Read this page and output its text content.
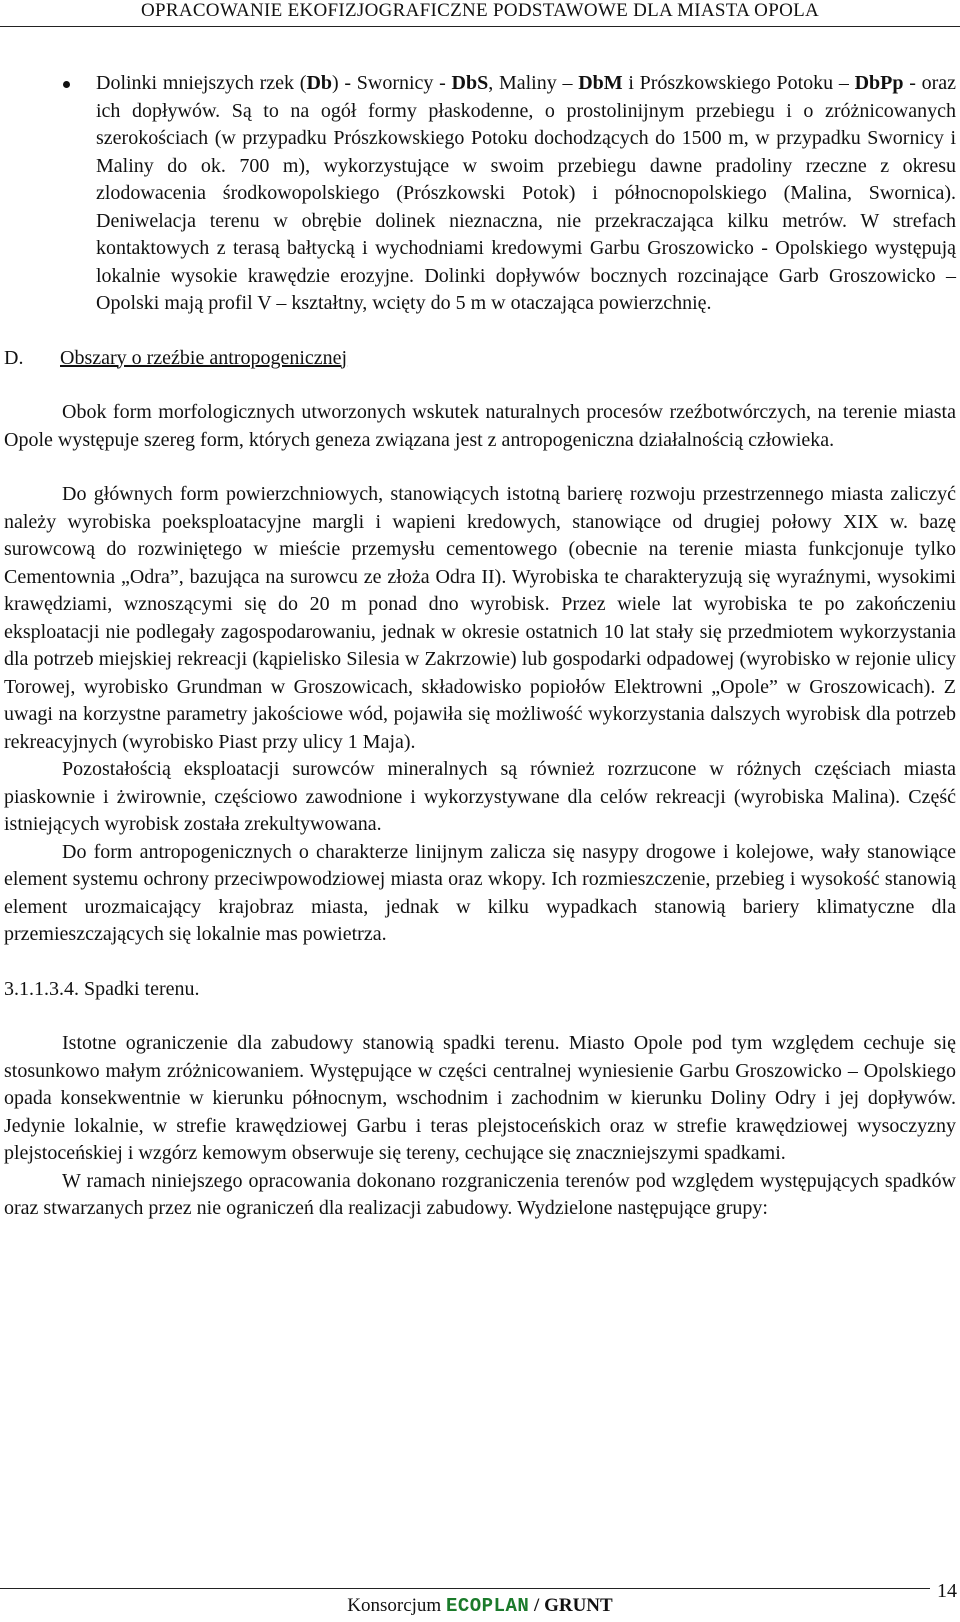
OPRACOWANIE EKOFIZJOGRAFICZNE PODSTAWOWE DLA MIASTA OPOLA

Dolinki mniejszych rzek (Db) - Swornicy - DbS, Maliny – DbM i Prószkowskiego Potoku – DbPp - oraz ich dopływów. Są to na ogół formy płaskodenne, o prostolinijnym przebiegu i o zróżnicowanych szerokościach (w przypadku Prószkowskiego Potoku dochodzących do 1500 m, w przypadku Swornicy i Maliny do ok. 700 m), wykorzystujące w swoim przebiegu dawne pradoliny rzeczne z okresu zlodowacenia środkowopolskiego (Prószkowski Potok) i północnopolskiego (Malina, Swornica). Deniwelacja terenu w obrębie dolinek nieznaczna, nie przekraczająca kilku metrów. W strefach kontaktowych z terasą bałtycką i wychodniami kredowymi Garbu Groszowicko - Opolskiego występują lokalnie wysokie krawędzie erozyjne. Dolinki dopływów bocznych rozcinające Garb Groszowicko – Opolski mają profil V – kształtny, wcięty do 5 m w otaczająca powierzchnię.

D.	Obszary o rzeźbie antropogenicznej

Obok form morfologicznych utworzonych wskutek naturalnych procesów rzeźbotwórczych, na terenie miasta Opole występuje szereg form, których geneza związana jest z antropogeniczna działalnością człowieka.

Do głównych form powierzchniowych, stanowiących istotną barierę rozwoju przestrzennego miasta zaliczyć należy wyrobiska poeksploatacyjne margli i wapieni kredowych, stanowiące od drugiej połowy XIX w. bazę surowcową do rozwiniętego w mieście przemysłu cementowego (obecnie na terenie miasta funkcjonuje tylko Cementownia „Odra”, bazująca na surowcu ze złoża Odra II). Wyrobiska te charakteryzują się wyraźnymi, wysokimi krawędziami, wznoszącymi się do 20 m ponad dno wyrobisk. Przez wiele lat wyrobiska te po zakończeniu eksploatacji nie podlegały zagospodarowaniu, jednak w okresie ostatnich 10 lat stały się przedmiotem wykorzystania dla potrzeb miejskiej rekreacji (kąpielisko Silesia w Zakrzowie) lub gospodarki odpadowej (wyrobisko w rejonie ulicy Torowej, wyrobisko Grundman w Groszowicach, składowisko popiołów Elektrowni „Opole” w Groszowicach). Z uwagi na korzystne parametry jakościowe wód, pojawiła się możliwość wykorzystania dalszych wyrobisk dla potrzeb rekreacyjnych (wyrobisko Piast przy ulicy 1 Maja).

Pozostałością eksploatacji surowców mineralnych są również rozrzucone w różnych częściach miasta piaskownie i żwirownie, częściowo zawodnione i wykorzystywane dla celów rekreacji (wyrobiska Malina). Część istniejących wyrobisk została zrekultywowana.

Do form antropogenicznych o charakterze linijnym zalicza się nasypy drogowe i kolejowe, wały stanowiące element systemu ochrony przeciwpowodziowej miasta oraz wkopy. Ich rozmieszczenie, przebieg i wysokość stanowią element urozmaicający krajobraz miasta, jednak w kilku wypadkach stanowią bariery klimatyczne dla przemieszczających się lokalnie mas powietrza.

3.1.1.3.4. Spadki terenu.

Istotne ograniczenie dla zabudowy stanowią spadki terenu. Miasto Opole pod tym względem cechuje się stosunkowo małym zróżnicowaniem. Występujące w części centralnej wyniesienie Garbu Groszowicko – Opolskiego opada konsekwentnie w kierunku północnym, wschodnim i zachodnim w kierunku Doliny Odry i jej dopływów. Jedynie lokalnie, w strefie krawędziowej Garbu i teras plejstoceńskich oraz w strefie krawędziowej wysoczyzny plejstoceńskiej i wzgórz kemowym obserwuje się tereny, cechujące się znaczniejszymi spadkami.

W ramach niniejszego opracowania dokonano rozgraniczenia terenów pod względem występujących spadków oraz stwarzanych przez nie ograniczeń dla realizacji zabudowy. Wydzielone następujące grupy:

Konsorcjum ECOPLAN / GRUNT
14
